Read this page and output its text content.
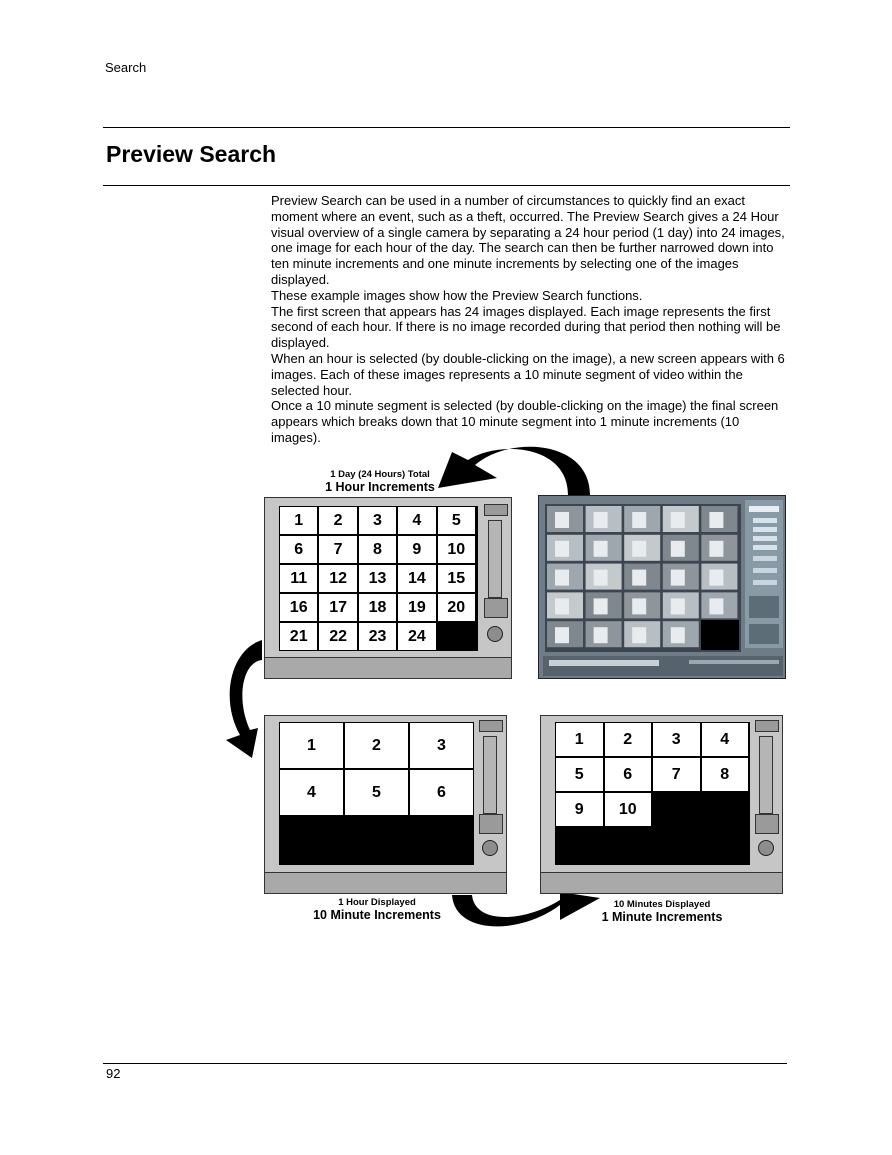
Search
Preview Search

Preview Search can be used in a number of circumstances to quickly find an exact moment where an event, such as a theft, occurred. The Preview Search gives a 24 Hour visual overview of a single camera by separating a 24 hour period (1 day) into 24 images, one image for each hour of the day. The search can then be further narrowed down into ten minute increments and one minute increments by selecting one of the images displayed.

These example images show how the Preview Search functions.

The first screen that appears has 24 images displayed. Each image represents the first second of each hour. If there is no image recorded during that period then nothing will be displayed.

When an hour is selected (by double-clicking on the image), a new screen appears with 6 images. Each of these images represents a 10 minute segment of video within the selected hour.

Once a 10 minute segment is selected (by double-clicking on the image) the final screen appears which breaks down that 10 minute segment into 1 minute increments (10 images).

1 Day (24 Hours) Total
1 Hour Increments
1	2	3	4	5
6	7	8	9	10
11	12	13	14	15
16	17	18	19	20
21	22	23	24
1	2	3
4	5	6
1	2	3	4
5	6	7	8
9	10
1 Hour Displayed
10 Minute Increments
10 Minutes Displayed
1 Minute Increments
92
